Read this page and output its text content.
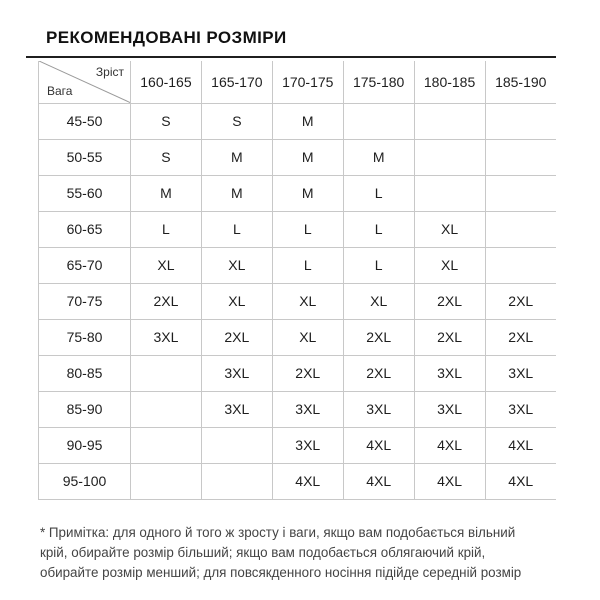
РЕКОМЕНДОВАНІ РОЗМІРИ
Зріст
Вага	160-165	165-170	170-175	175-180	180-185	185-190
45-50	S	S	M			
50-55	S	M	M	M		
55-60	M	M	M	L		
60-65	L	L	L	L	XL	
65-70	XL	XL	L	L	XL	
70-75	2XL	XL	XL	XL	2XL	2XL
75-80	3XL	2XL	XL	2XL	2XL	2XL
80-85		3XL	2XL	2XL	3XL	3XL
85-90		3XL	3XL	3XL	3XL	3XL
90-95			3XL	4XL	4XL	4XL
95-100			4XL	4XL	4XL	4XL
* Примітка: для одного й того ж зросту і ваги, якщо вам подобається вільний
крій, обирайте розмір більший; якщо вам подобається облягаючий крій,
обирайте розмір менший; для повсякденного носіння підійде середній розмір
